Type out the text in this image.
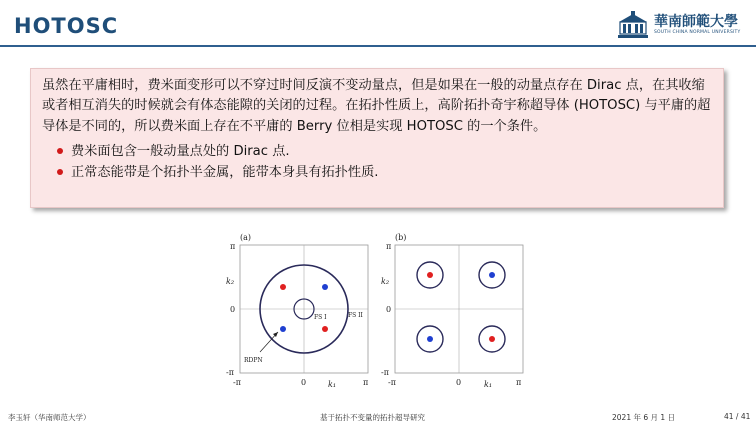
HOTOSC	華南師範大學
SOUTH CHINA NORMAL UNIVERSITY

虽然在平庸相时，费米面变形可以不穿过时间反演不变动量点，但是如果在一般的动量点存在 Dirac 点，在其收缩或者相互消失的时候就会有体态能隙的关闭的过程。在拓扑性质上，高阶拓扑奇宇称超导体 (HOTOSC) 与平庸的超导体是不同的，所以费米面上存在不平庸的 Berry 位相是实现 HOTOSC 的一个条件。

费米面包含一般动量点处的 Dirac 点.
正常态能带是个拓扑半金属，能带本身具有拓扑性质.
(a)
FS I	FS II
RDPN
π
0
-π
k₂
-π	0	π
k₁
(b)
π
0
-π
k₂
-π	0	π
k₁
李玉轩（华南师范大学）	基于拓扑不变量的拓扑超导研究	2021 年 6 月 1 日	41 / 41
